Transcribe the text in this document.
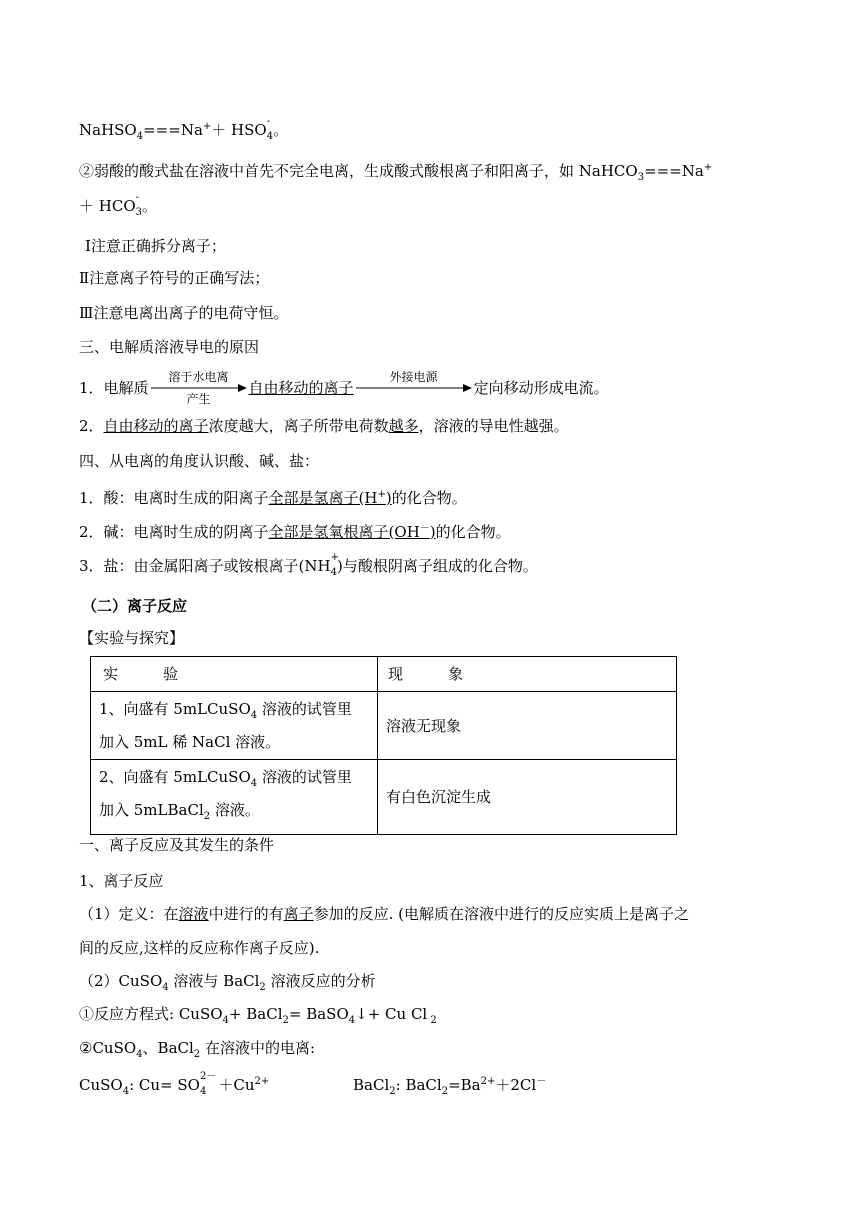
NaHSO$_4$===Na+＋ HSO -
$_4$。
②弱酸的酸式盐在溶液中首先不完全电离，生成酸式酸根离子和阳离子，如 NaHCO$_3$===Na+
＋ HCO -
$_3$。
Ⅰ注意正确拆分离子；
Ⅱ注意离子符号的正确写法；
Ⅲ注意电离出离子的电荷守恒。
三、电解质溶液导电的原因
1．电解质
溶于水电离
产生
自由移动的离子
外接电源

定向移动形成电流。
2．自由移动的离子浓度越大，离子所带电荷数越多，溶液的导电性越强。
四、从电离的角度认识酸、碱、盐：
1．酸：电离时生成的阳离子全部是氢离子(H+)的化合物。
2．碱：电离时生成的阴离子全部是氢氧根离子(OH－)的化合物。
3．盐：由金属阳离子或铵根离子(NH +
$_4$)与酸根阴离子组成的化合物。
（二）离子反应
【实验与探究】
实　　　验	现　　　象

1、向盛有 5mLCuSO$_4$ 溶液的试管里
加入 5mL 稀 NaCl 溶液。	溶液无现象

2、向盛有 5mLCuSO$_4$ 溶液的试管里
加入 5mLBaCl$_2$ 溶液。	有白色沉淀生成
一、离子反应及其发生的条件
1、离子反应
（1）定义：在溶液中进行的有离子参加的反应. (电解质在溶液中进行的反应实质上是离子之
间的反应,这样的反应称作离子反应).
（2）CuSO$_4$ 溶液与 BaCl$_2$ 溶液反应的分析
①反应方程式: CuSO$_4$+ BaCl$_2$= BaSO$_4$↓+ Cu Cl $_2$
②CuSO$_4$、BaCl$_2$ 在溶液中的电离:
CuSO$_4$: Cu= SO 2－
$_4 +Cu^{2+}$	BaCl$_2$: $BaCl_2=Ba^{2+}+2Cl^-$
